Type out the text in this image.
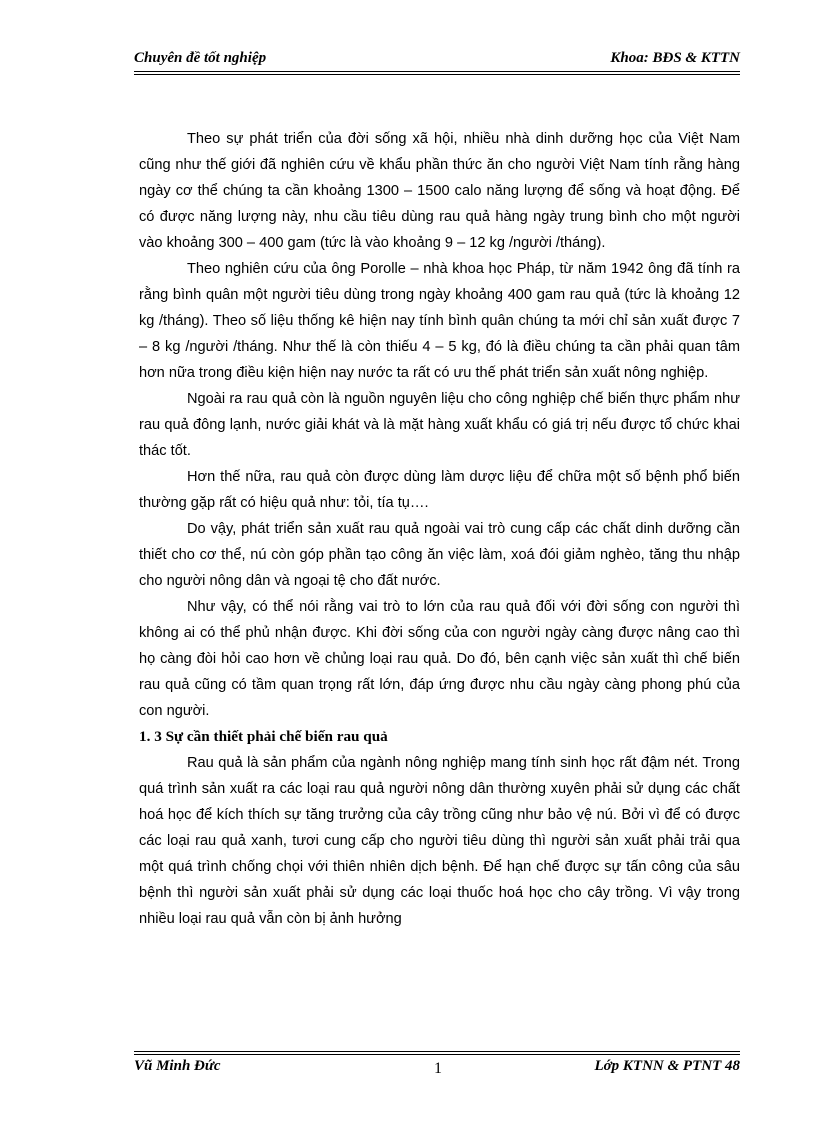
Chuyên đề tốt nghiệp	Khoa: BĐS & KTTN

Theo sự phát triển của đời sống xã hội, nhiều nhà dinh dưỡng học của Việt Nam cũng như thế giới đã nghiên cứu về khẩu phần thức ăn cho người Việt Nam tính rằng hàng ngày cơ thể chúng ta cần khoảng 1300 – 1500 calo năng lượng để sống và hoạt động. Để có được năng lượng này, nhu cầu tiêu dùng rau quả hàng ngày trung bình cho một người vào khoảng 300 – 400 gam (tức là vào khoảng 9 – 12 kg /người /tháng).

Theo nghiên cứu của ông Porolle – nhà khoa học Pháp, từ năm 1942 ông đã tính ra rằng bình quân một người tiêu dùng trong ngày khoảng 400 gam rau quả (tức là khoảng 12 kg /tháng). Theo số liệu thống kê hiện nay tính bình quân chúng ta mới chỉ sản xuất được 7 – 8 kg /người /tháng. Như thế là còn thiếu 4 – 5 kg, đó là điều chúng ta cần phải quan tâm hơn nữa trong điều kiện hiện nay nước ta rất có ưu thế phát triển sản xuất nông nghiệp.

Ngoài ra rau quả còn là nguồn nguyên liệu cho công nghiệp chế biến thực phẩm như rau quả đông lạnh, nước giải khát và là mặt hàng xuất khẩu có giá trị nếu được tổ chức khai thác tốt.

Hơn thế nữa, rau quả còn được dùng làm dược liệu để chữa một số bệnh phổ biến thường gặp rất có hiệu quả như: tỏi, tía tụ….

Do vậy, phát triển sản xuất rau quả ngoài vai trò cung cấp các chất dinh dưỡng cần thiết cho cơ thể, nú còn góp phần tạo công ăn việc làm, xoá đói giảm nghèo, tăng thu nhập cho người nông dân và ngoại tệ cho đất nước.

Như vậy, có thể nói rằng vai trò to lớn của rau quả đối với đời sống con người thì không ai có thể phủ nhận được. Khi đời sống của con người ngày càng được nâng cao thì họ càng đòi hỏi cao hơn về chủng loại rau quả. Do đó, bên cạnh việc sản xuất thì chế biến rau quả cũng có tầm quan trọng rất lớn, đáp ứng được nhu cầu ngày càng phong phú của con người.

1. 3 Sự cần thiết phải chế biến rau quả

Rau quả là sản phẩm của ngành nông nghiệp mang tính sinh học rất đậm nét. Trong quá trình sản xuất ra các loại rau quả người nông dân thường xuyên phải sử dụng các chất hoá học để kích thích sự tăng trưởng của cây trồng cũng như bảo vệ nú. Bởi vì để có được các loại rau quả xanh, tươi cung cấp cho người tiêu dùng thì người sản xuất phải trải qua một quá trình chống chọi với thiên nhiên dịch bệnh. Để hạn chế được sự tấn công của sâu bệnh thì người sản xuất phải sử dụng các loại thuốc hoá học cho cây trồng. Vì vậy trong nhiều loại rau quả vẫn còn bị ảnh hưởng

Vũ Minh Đức	1	Lớp KTNN & PTNT 48
